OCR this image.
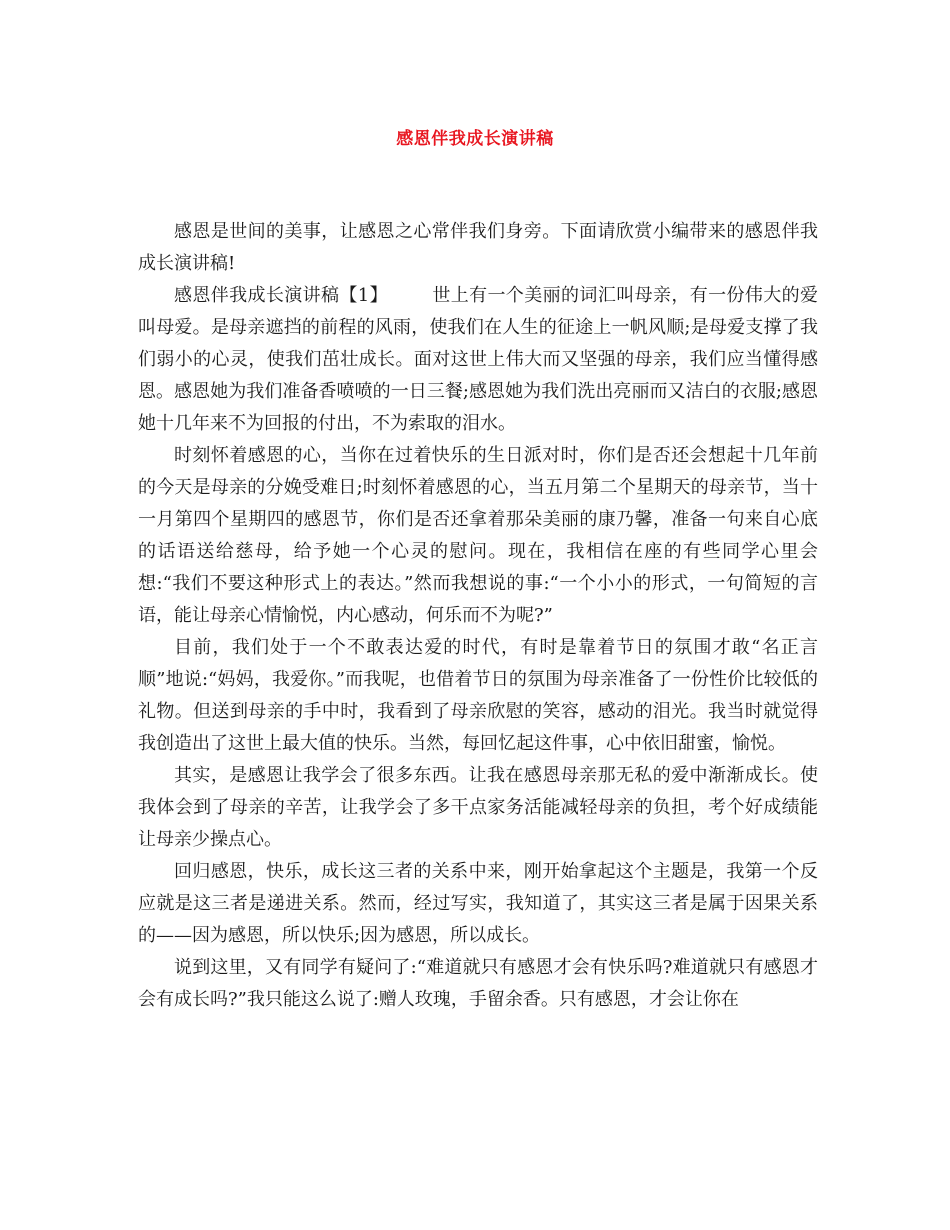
感恩伴我成长演讲稿

感恩是世间的美事，让感恩之心常伴我们身旁。下面请欣赏小编带来的感恩伴我成长演讲稿!

感恩伴我成长演讲稿【1】 世上有一个美丽的词汇叫母亲，有一份伟大的爱叫母爱。是母亲遮挡的前程的风雨，使我们在人生的征途上一帆风顺;是母爱支撑了我们弱小的心灵，使我们茁壮成长。面对这世上伟大而又坚强的母亲，我们应当懂得感恩。感恩她为我们准备香喷喷的一日三餐;感恩她为我们洗出亮丽而又洁白的衣服;感恩她十几年来不为回报的付出，不为索取的泪水。

时刻怀着感恩的心，当你在过着快乐的生日派对时，你们是否还会想起十几年前的今天是母亲的分娩受难日;时刻怀着感恩的心，当五月第二个星期天的母亲节，当十一月第四个星期四的感恩节，你们是否还拿着那朵美丽的康乃馨，准备一句来自心底的话语送给慈母，给予她一个心灵的慰问。现在，我相信在座的有些同学心里会想:“我们不要这种形式上的表达。”然而我想说的事:“一个小小的形式，一句简短的言语，能让母亲心情愉悦，内心感动，何乐而不为呢?”

目前，我们处于一个不敢表达爱的时代，有时是靠着节日的氛围才敢“名正言顺”地说:“妈妈，我爱你。”而我呢，也借着节日的氛围为母亲准备了一份性价比较低的礼物。但送到母亲的手中时，我看到了母亲欣慰的笑容，感动的泪光。我当时就觉得我创造出了这世上最大值的快乐。当然，每回忆起这件事，心中依旧甜蜜，愉悦。

其实，是感恩让我学会了很多东西。让我在感恩母亲那无私的爱中渐渐成长。使我体会到了母亲的辛苦，让我学会了多干点家务活能减轻母亲的负担，考个好成绩能让母亲少操点心。

回归感恩，快乐，成长这三者的关系中来，刚开始拿起这个主题是，我第一个反应就是这三者是递进关系。然而，经过写实，我知道了，其实这三者是属于因果关系的——因为感恩，所以快乐;因为感恩，所以成长。

说到这里，又有同学有疑问了:“难道就只有感恩才会有快乐吗?难道就只有感恩才会有成长吗?”我只能这么说了:赠人玫瑰，手留余香。只有感恩，才会让你在
